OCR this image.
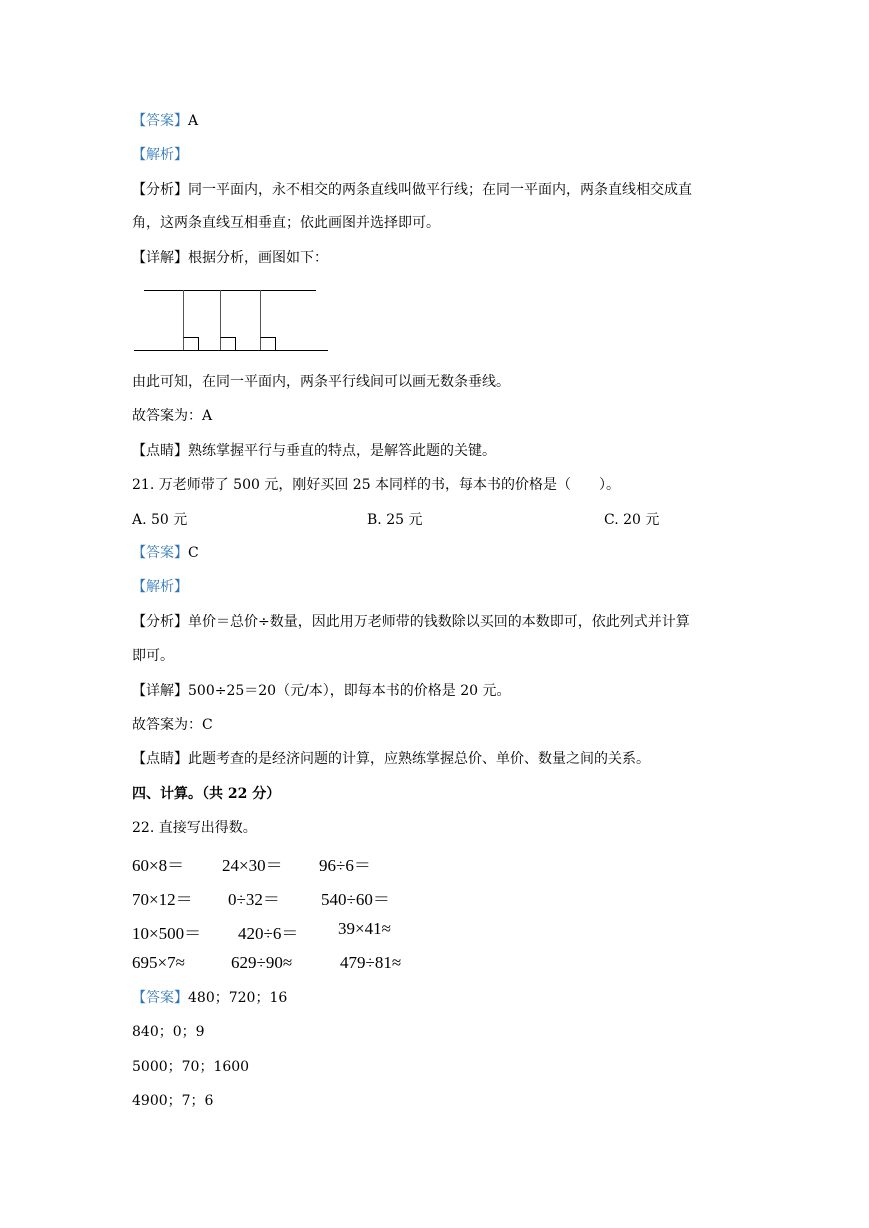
【答案】A
【解析】
【分析】同一平面内，永不相交的两条直线叫做平行线；在同一平面内，两条直线相交成直
角，这两条直线互相垂直；依此画图并选择即可。
【详解】根据分析，画图如下：
由此可知，在同一平面内，两条平行线间可以画无数条垂线。
故答案为：A
【点睛】熟练掌握平行与垂直的特点，是解答此题的关键。
21. 万老师带了 500 元，刚好买回 25 本同样的书，每本书的价格是（　　）。
A. 50 元	B. 25 元	C. 20 元
【答案】C
【解析】
【分析】单价＝总价÷数量，因此用万老师带的钱数除以买回的本数即可，依此列式并计算
即可。
【详解】500÷25＝20（元/本），即每本书的价格是 20 元。
故答案为：C
【点睛】此题考查的是经济问题的计算，应熟练掌握总价、单价、数量之间的关系。
四、计算。（共 22 分）
22. 直接写出得数。
60×8＝ 24×30＝ 96÷6＝
70×12＝ 0÷32＝ 540÷60＝
10×500＝ 420÷6＝ 39×41≈
695×7≈	629÷90≈	479÷81≈
【答案】480；720；16
840；0；9
5000；70；1600
4900；7；6
